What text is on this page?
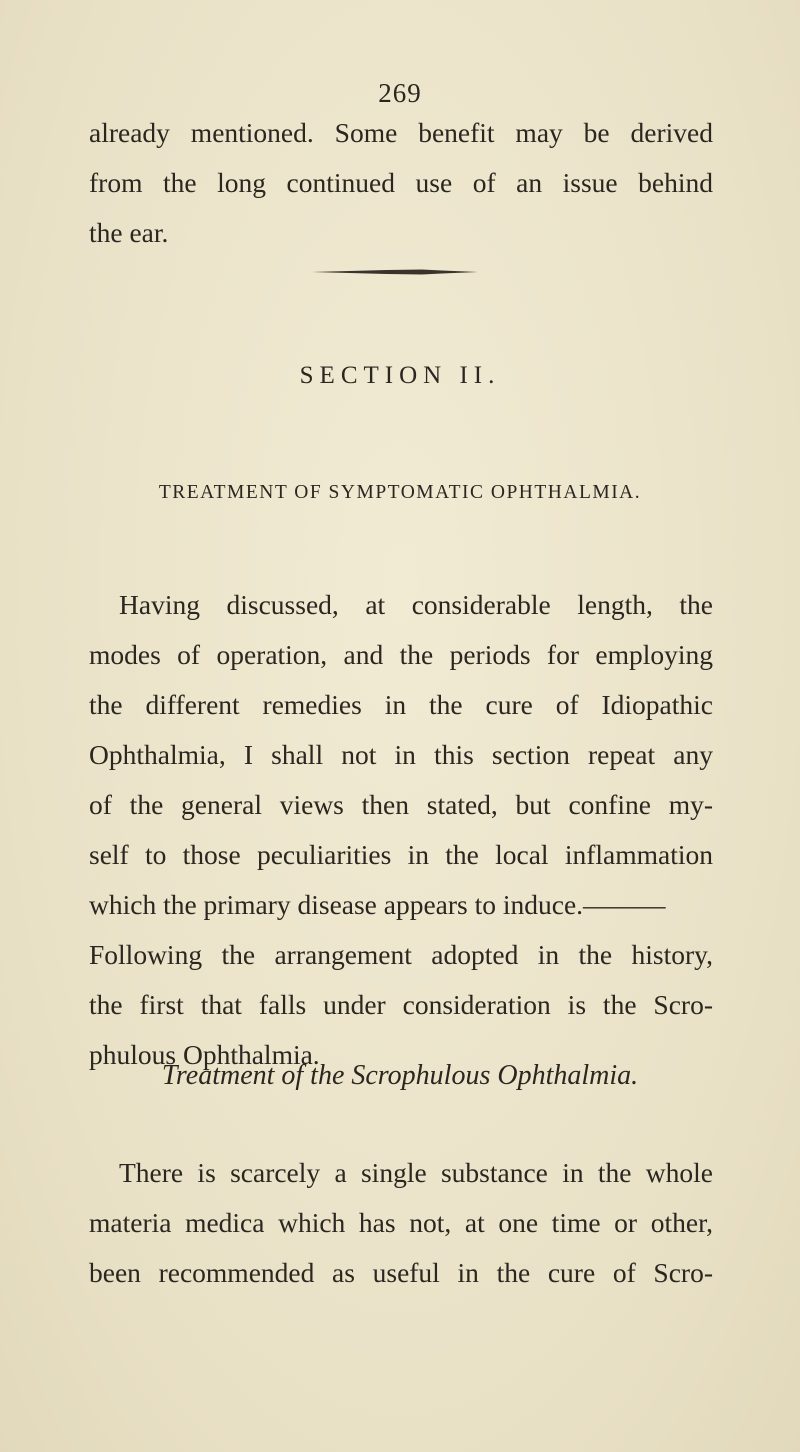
269
already mentioned. Some benefit may be derived
from the long continued use of an issue behind
the ear.
SECTION II.
TREATMENT OF SYMPTOMATIC OPHTHALMIA.
Having discussed, at considerable length, the
modes of operation, and the periods for employing
the different remedies in the cure of Idiopathic
Ophthalmia, I shall not in this section repeat any
of the general views then stated, but confine my-
self to those peculiarities in the local inflammation
which the primary disease appears to induce.———
Following the arrangement adopted in the history,
the first that falls under consideration is the Scro-
phulous Ophthalmia.
Treatment of the Scrophulous Ophthalmia.
There is scarcely a single substance in the whole
materia medica which has not, at one time or other,
been recommended as useful in the cure of Scro-
